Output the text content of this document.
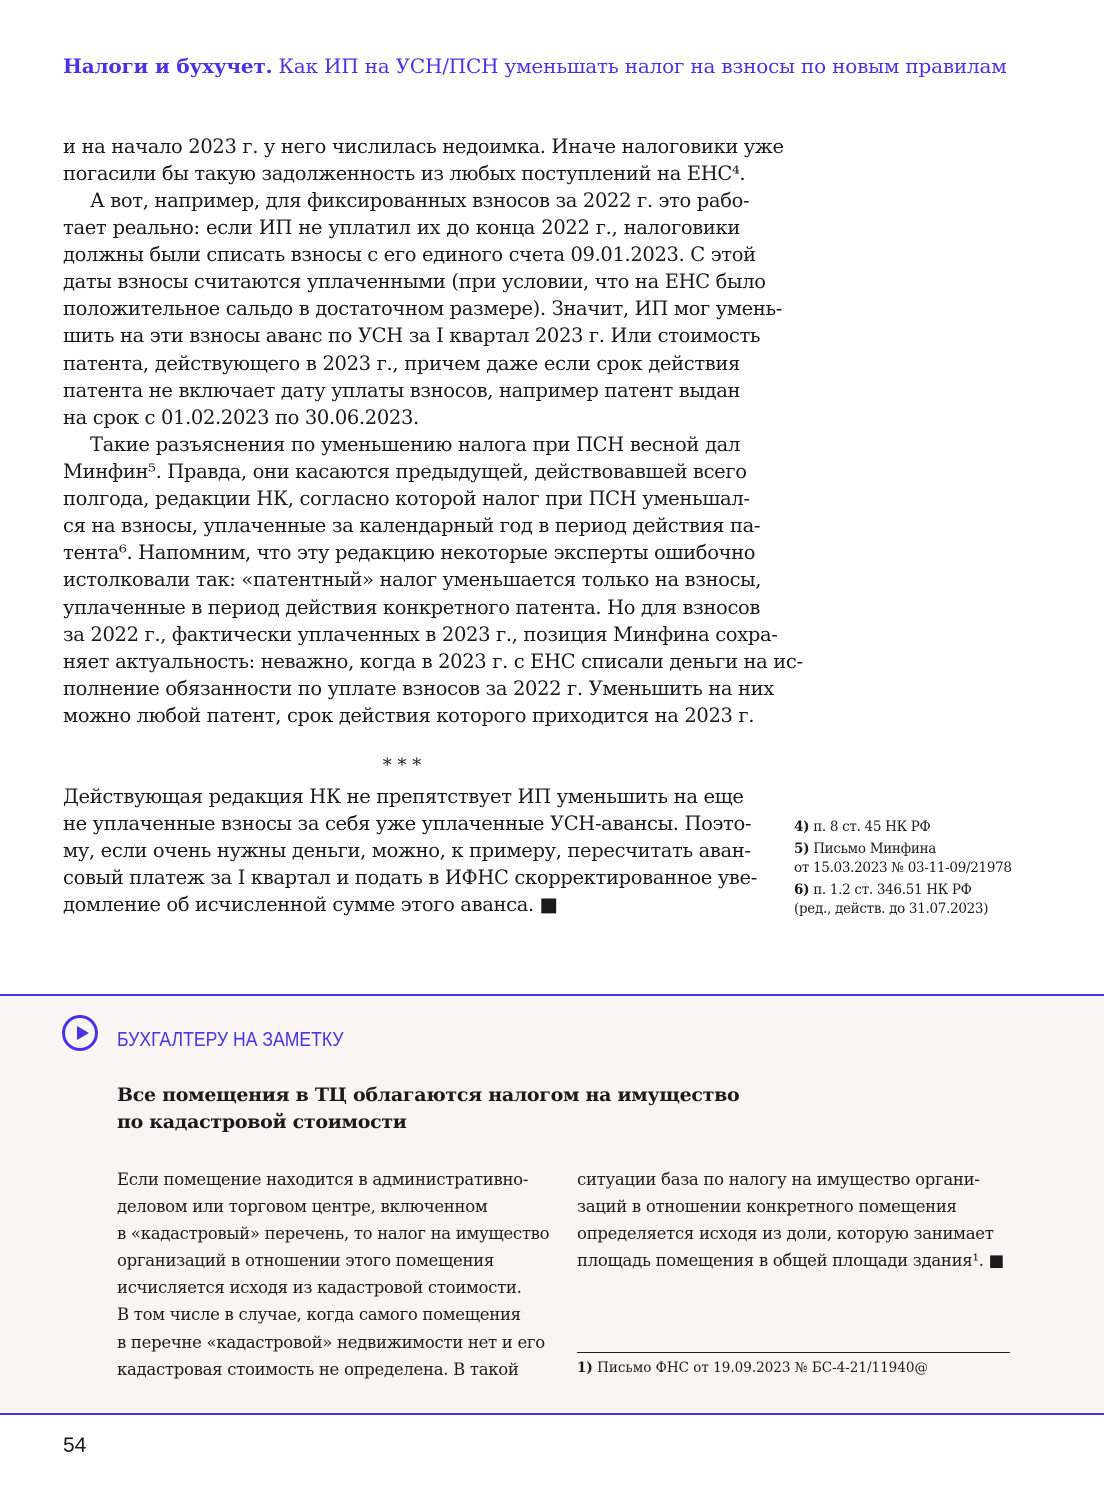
Налоги и бухучет. Как ИП на УСН/ПСН уменьшать налог на взносы по новым правилам
и на начало 2023 г. у него числилась недоимка. Иначе налоговики уже
погасили бы такую задолженность из любых поступлений на ЕНС⁴.
А вот, например, для фиксированных взносов за 2022 г. это рабо-
тает реально: если ИП не уплатил их до конца 2022 г., налоговики
должны были списать взносы с его единого счета 09.01.2023. С этой
даты взносы считаются уплаченными (при условии, что на ЕНС было
положительное сальдо в достаточном размере). Значит, ИП мог умень-
шить на эти взносы аванс по УСН за I квартал 2023 г. Или стоимость
патента, действующего в 2023 г., причем даже если срок действия
патента не включает дату уплаты взносов, например патент выдан
на срок с 01.02.2023 по 30.06.2023.
Такие разъяснения по уменьшению налога при ПСН весной дал
Минфин⁵. Правда, они касаются предыдущей, действовавшей всего
полгода, редакции НК, согласно которой налог при ПСН уменьшал-
ся на взносы, уплаченные за календарный год в период действия па-
тента⁶. Напомним, что эту редакцию некоторые эксперты ошибочно
истолковали так: «патентный» налог уменьшается только на взносы,
уплаченные в период действия конкретного патента. Но для взносов
за 2022 г., фактически уплаченных в 2023 г., позиция Минфина сохра-
няет актуальность: неважно, когда в 2023 г. с ЕНС списали деньги на ис-
полнение обязанности по уплате взносов за 2022 г. Уменьшить на них
можно любой патент, срок действия которого приходится на 2023 г.
* * *
Действующая редакция НК не препятствует ИП уменьшить на еще
не уплаченные взносы за себя уже уплаченные УСН-авансы. Поэто-
му, если очень нужны деньги, можно, к примеру, пересчитать аван-
совый платеж за I квартал и подать в ИФНС скорректированное уве-
домление об исчисленной сумме этого аванса. ■
4) п. 8 ст. 45 НК РФ
5) Письмо Минфина
от 15.03.2023 № 03-11-09/21978
6) п. 1.2 ст. 346.51 НК РФ
(ред., действ. до 31.07.2023)
БУХГАЛТЕРУ НА ЗАМЕТКУ
Все помещения в ТЦ облагаются налогом на имущество
по кадастровой стоимости
Если помещение находится в административно-
деловом или торговом центре, включенном
в «кадастровый» перечень, то налог на имущество
организаций в отношении этого помещения
исчисляется исходя из кадастровой стоимости.
В том числе в случае, когда самого помещения
в перечне «кадастровой» недвижимости нет и его
кадастровая стоимость не определена. В такой
ситуации база по налогу на имущество органи-
заций в отношении конкретного помещения
определяется исходя из доли, которую занимает
площадь помещения в общей площади здания¹. ■
1) Письмо ФНС от 19.09.2023 № БС-4-21/11940@
54
